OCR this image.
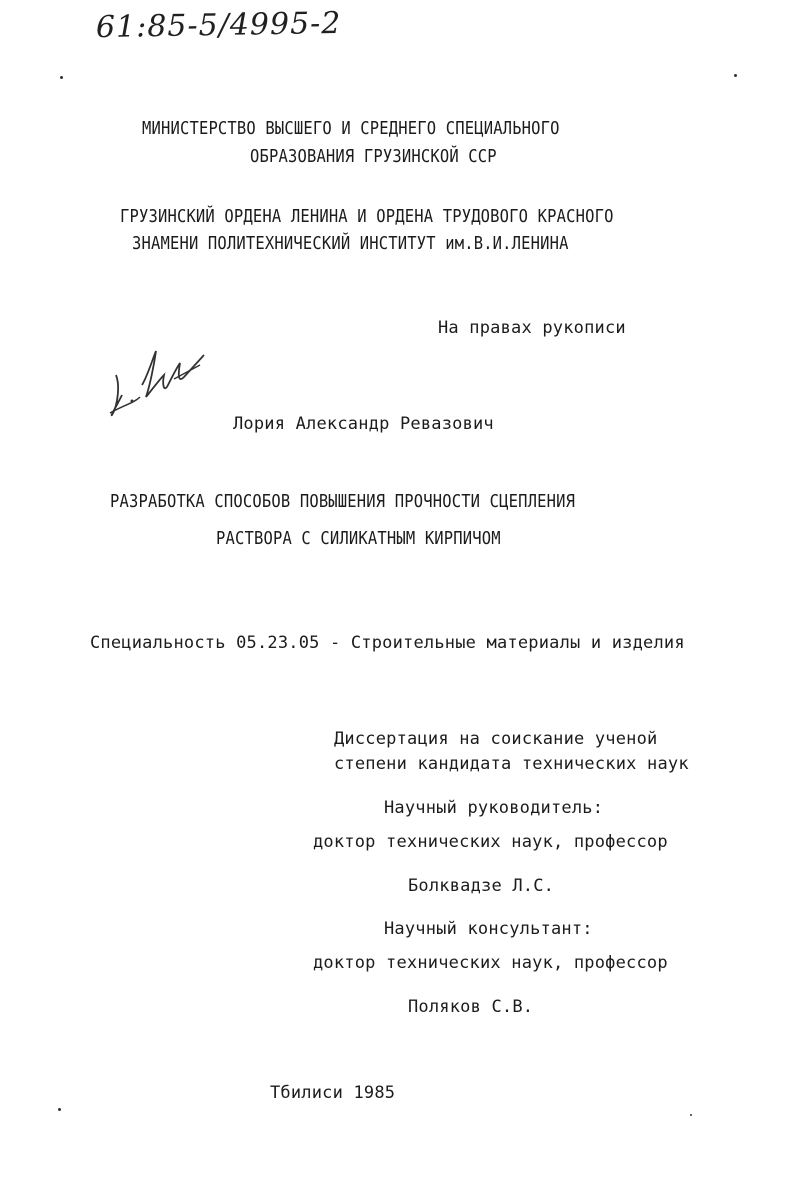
61:85-5/4995-2
МИНИСТЕРСТВО ВЫСШЕГО И СРЕДНЕГО СПЕЦИАЛЬНОГО
ОБРАЗОВАНИЯ ГРУЗИНСКОЙ ССР
ГРУЗИНСКИЙ ОРДЕНА ЛЕНИНА И ОРДЕНА ТРУДОВОГО КРАСНОГО
ЗНАМЕНИ ПОЛИТЕХНИЧЕСКИЙ ИНСТИТУТ им.В.И.ЛЕНИНА
На правах рукописи
Лория Александр Ревазович
РАЗРАБОТКА СПОСОБОВ ПОВЫШЕНИЯ ПРОЧНОСТИ СЦЕПЛЕНИЯ
РАСТВОРА С СИЛИКАТНЫМ КИРПИЧОМ
Специальность 05.23.05 - Строительные материалы и изделия
Диссертация на соискание ученой
степени кандидата технических наук
Научный руководитель:
доктор технических наук, профессор
Болквадзе Л.С.
Научный консультант:
доктор технических наук, профессор
Поляков С.В.
Тбилиси 1985
